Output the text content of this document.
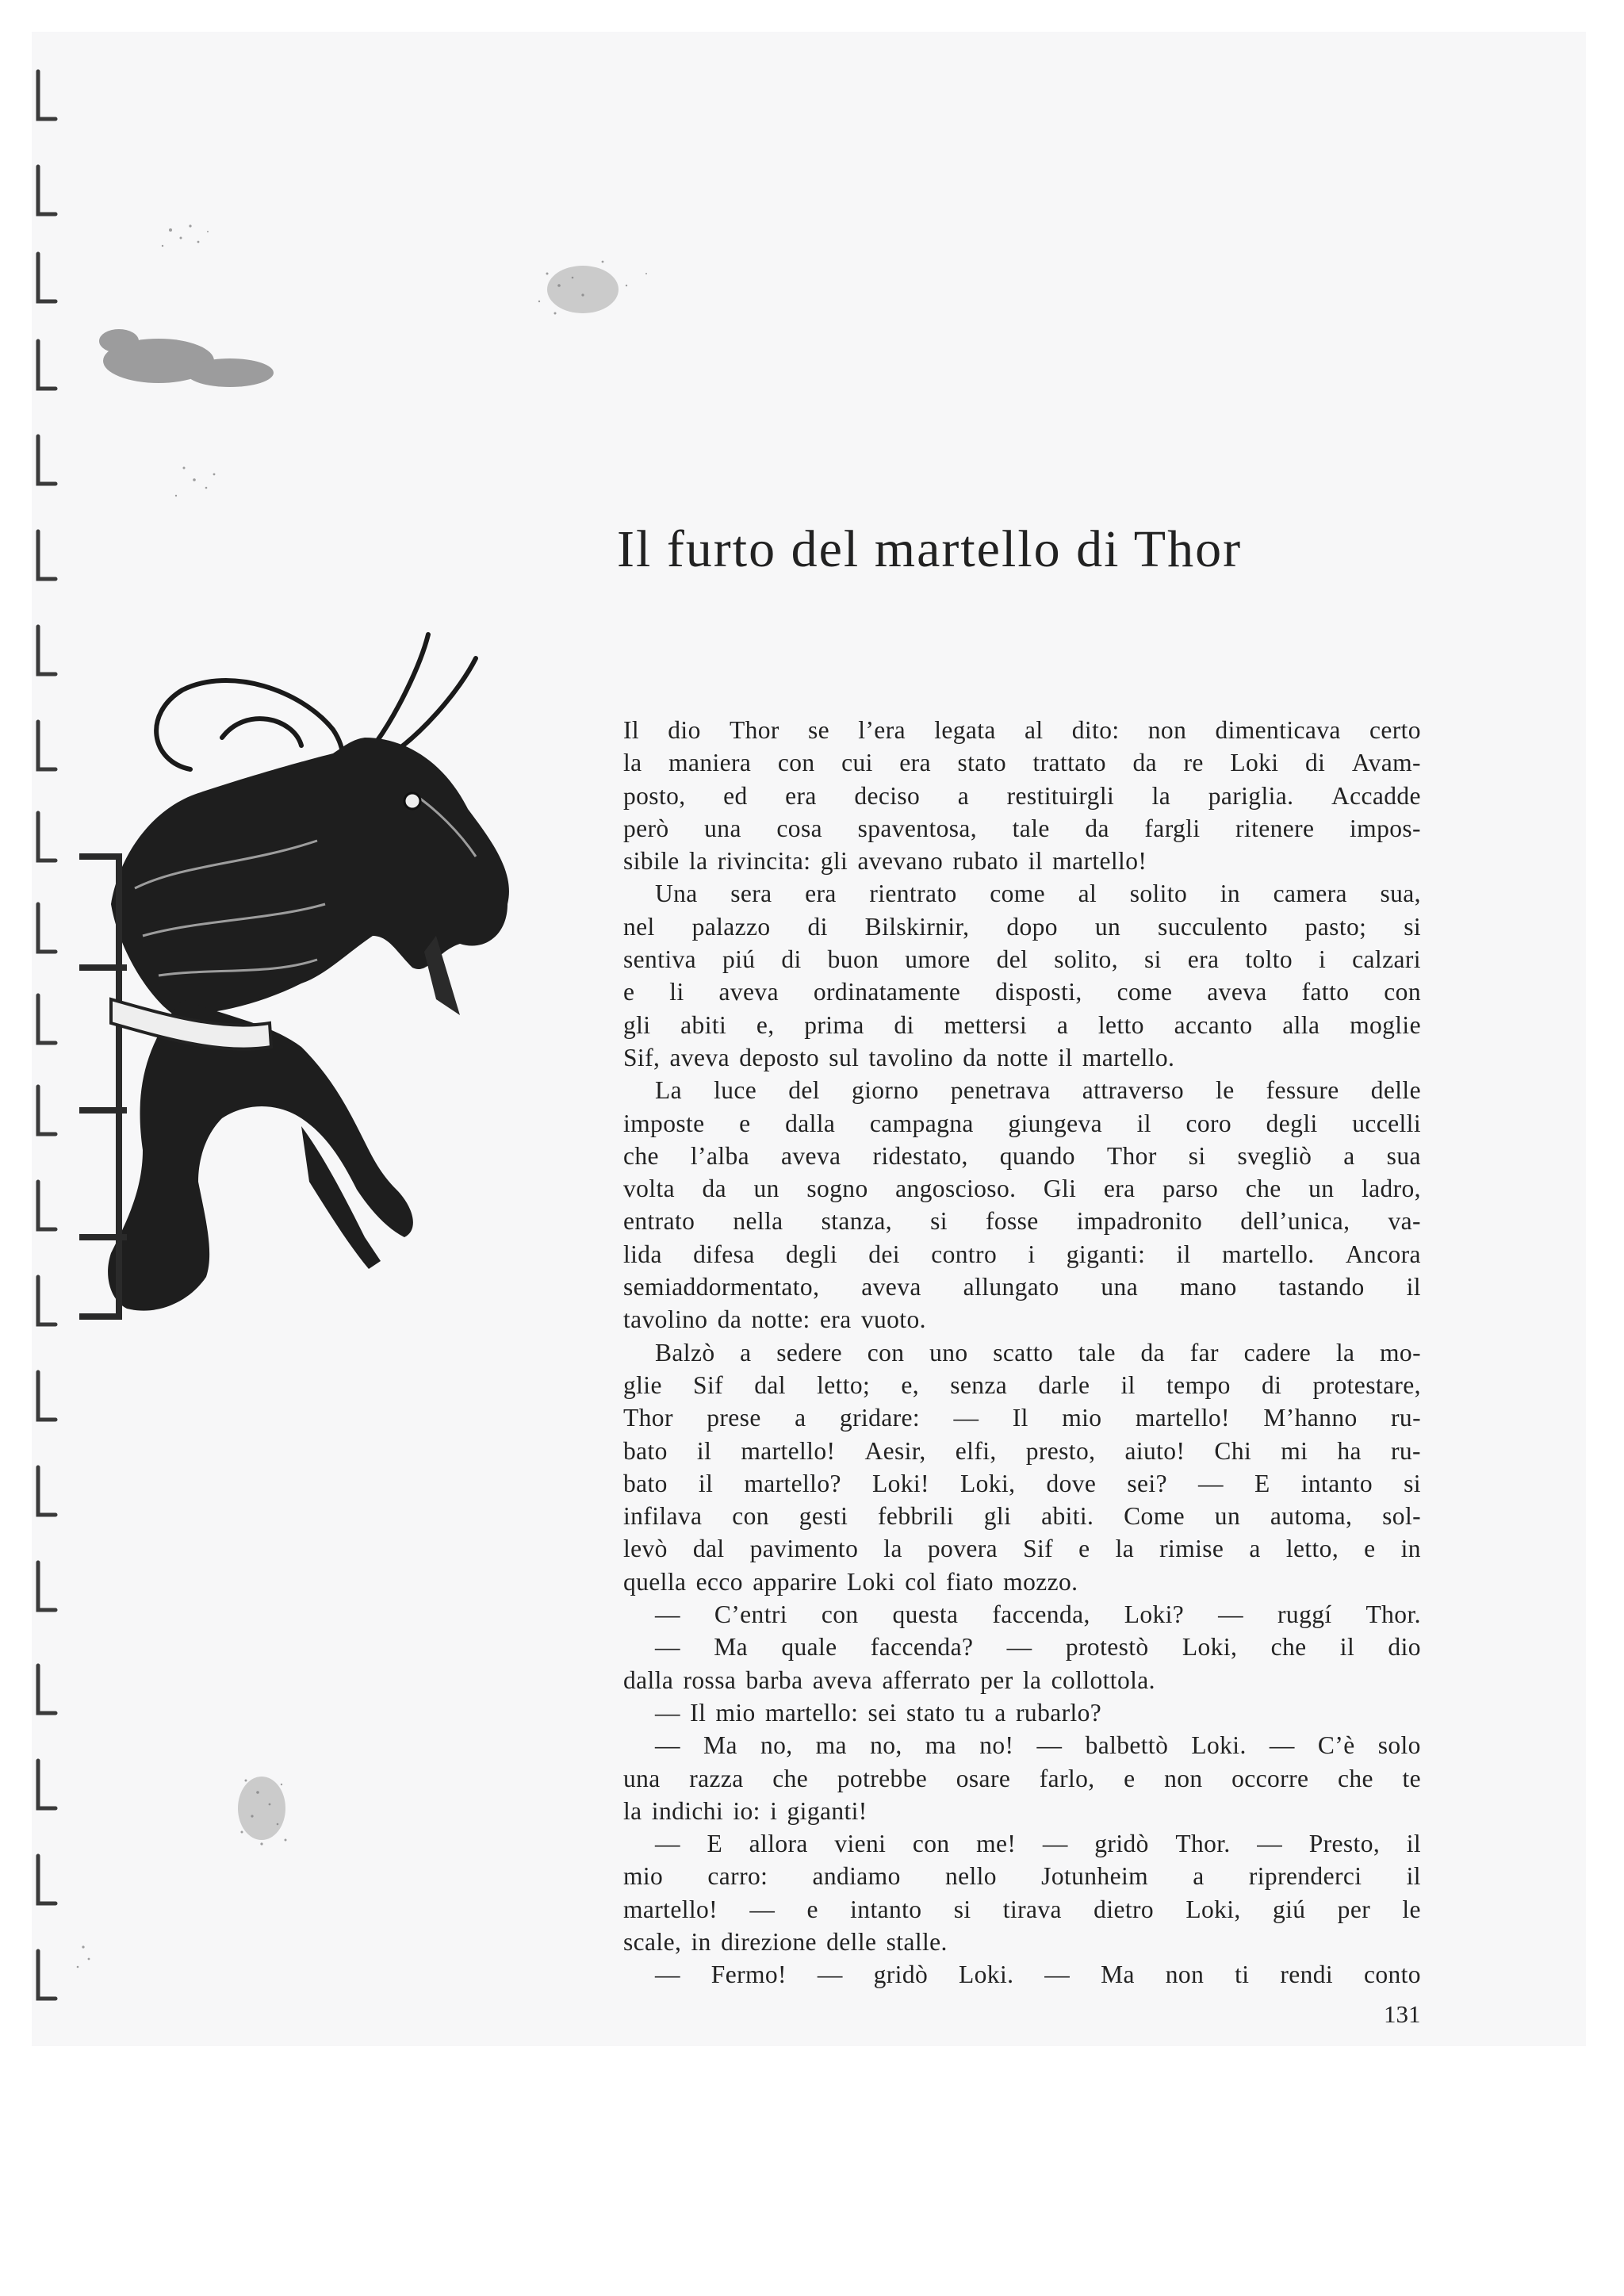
Il furto del martello di Thor
Il dio Thor se l’era legata al dito: non dimenticava certo
la maniera con cui era stato trattato da re Loki di Avam-
posto, ed era deciso a restituirgli la pariglia. Accadde
però una cosa spaventosa, tale da fargli ritenere impos-
sibile la rivincita: gli avevano rubato il martello!
Una sera era rientrato come al solito in camera sua,
nel palazzo di Bilskirnir, dopo un succulento pasto; si
sentiva piú di buon umore del solito, si era tolto i calzari
e li aveva ordinatamente disposti, come aveva fatto con
gli abiti e, prima di mettersi a letto accanto alla moglie
Sif, aveva deposto sul tavolino da notte il martello.
La luce del giorno penetrava attraverso le fessure delle
imposte e dalla campagna giungeva il coro degli uccelli
che l’alba aveva ridestato, quando Thor si svegliò a sua
volta da un sogno angoscioso. Gli era parso che un ladro,
entrato nella stanza, si fosse impadronito dell’unica, va-
lida difesa degli dei contro i giganti: il martello. Ancora
semiaddormentato, aveva allungato una mano tastando il
tavolino da notte: era vuoto.
Balzò a sedere con uno scatto tale da far cadere la mo-
glie Sif dal letto; e, senza darle il tempo di protestare,
Thor prese a gridare: — Il mio martello! M’hanno ru-
bato il martello! Aesir, elfi, presto, aiuto! Chi mi ha ru-
bato il martello? Loki! Loki, dove sei? — E intanto si
infilava con gesti febbrili gli abiti. Come un automa, sol-
levò dal pavimento la povera Sif e la rimise a letto, e in
quella ecco apparire Loki col fiato mozzo.
— C’entri con questa faccenda, Loki? — ruggí Thor.
— Ma quale faccenda? — protestò Loki, che il dio
dalla rossa barba aveva afferrato per la collottola.
— Il mio martello: sei stato tu a rubarlo?
— Ma no, ma no, ma no! — balbettò Loki. — C’è solo
una razza che potrebbe osare farlo, e non occorre che te
la indichi io: i giganti!
— E allora vieni con me! — gridò Thor. — Presto, il
mio carro: andiamo nello Jotunheim a riprenderci il
martello! — e intanto si tirava dietro Loki, giú per le
scale, in direzione delle stalle.
— Fermo! — gridò Loki. — Ma non ti rendi conto
131
